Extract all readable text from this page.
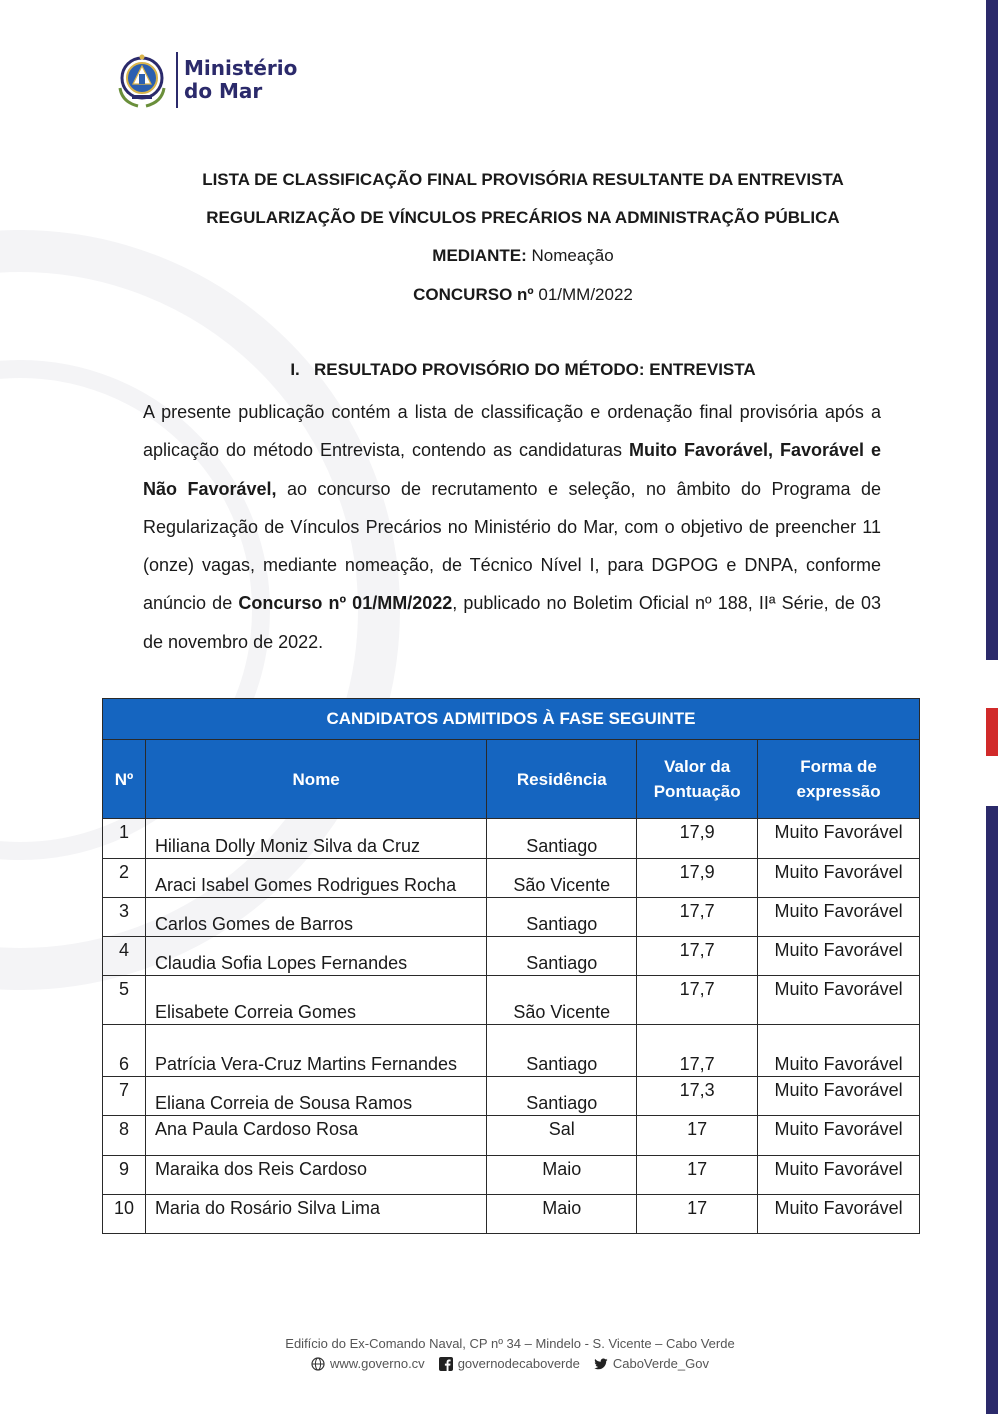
Ministério
do Mar
LISTA DE CLASSIFICAÇÃO FINAL PROVISÓRIA RESULTANTE DA ENTREVISTA
REGULARIZAÇÃO DE VÍNCULOS PRECÁRIOS NA ADMINISTRAÇÃO PÚBLICA
MEDIANTE: Nomeação
CONCURSO nº 01/MM/2022
I. RESULTADO PROVISÓRIO DO MÉTODO: ENTREVISTA

A presente publicação contém a lista de classificação e ordenação final provisória após a aplicação do método Entrevista, contendo as candidaturas Muito Favorável, Favorável e Não Favorável, ao concurso de recrutamento e seleção, no âmbito do Programa de Regularização de Vínculos Precários no Ministério do Mar, com o objetivo de preencher 11 (onze) vagas, mediante nomeação, de Técnico Nível I, para DGPOG e DNPA, conforme anúncio de Concurso nº 01/MM/2022, publicado no Boletim Oficial nº 188, IIª Série, de 03 de novembro de 2022.

CANDIDATOS ADMITIDOS À FASE SEGUINTE				
Nº	Nome	Residência	Valor da Pontuação	Forma de expressão
1	Hiliana Dolly Moniz Silva da Cruz	Santiago	17,9	Muito Favorável
2	Araci Isabel Gomes Rodrigues Rocha	São Vicente	17,9	Muito Favorável
3	Carlos Gomes de Barros	Santiago	17,7	Muito Favorável
4	Claudia Sofia Lopes Fernandes	Santiago	17,7	Muito Favorável
5	Elisabete Correia Gomes	São Vicente	17,7	Muito Favorável
6	Patrícia Vera-Cruz Martins Fernandes	Santiago	17,7	Muito Favorável
7	Eliana Correia de Sousa Ramos	Santiago	17,3	Muito Favorável
8	Ana Paula Cardoso Rosa	Sal	17	Muito Favorável
9	Maraika dos Reis Cardoso	Maio	17	Muito Favorável
10	Maria do Rosário Silva Lima	Maio	17	Muito Favorável
Edifício do Ex-Comando Naval, CP nº 34 – Mindelo - S. Vicente – Cabo Verde
www.governo.cv	governodecaboverde	CaboVerde_Gov
